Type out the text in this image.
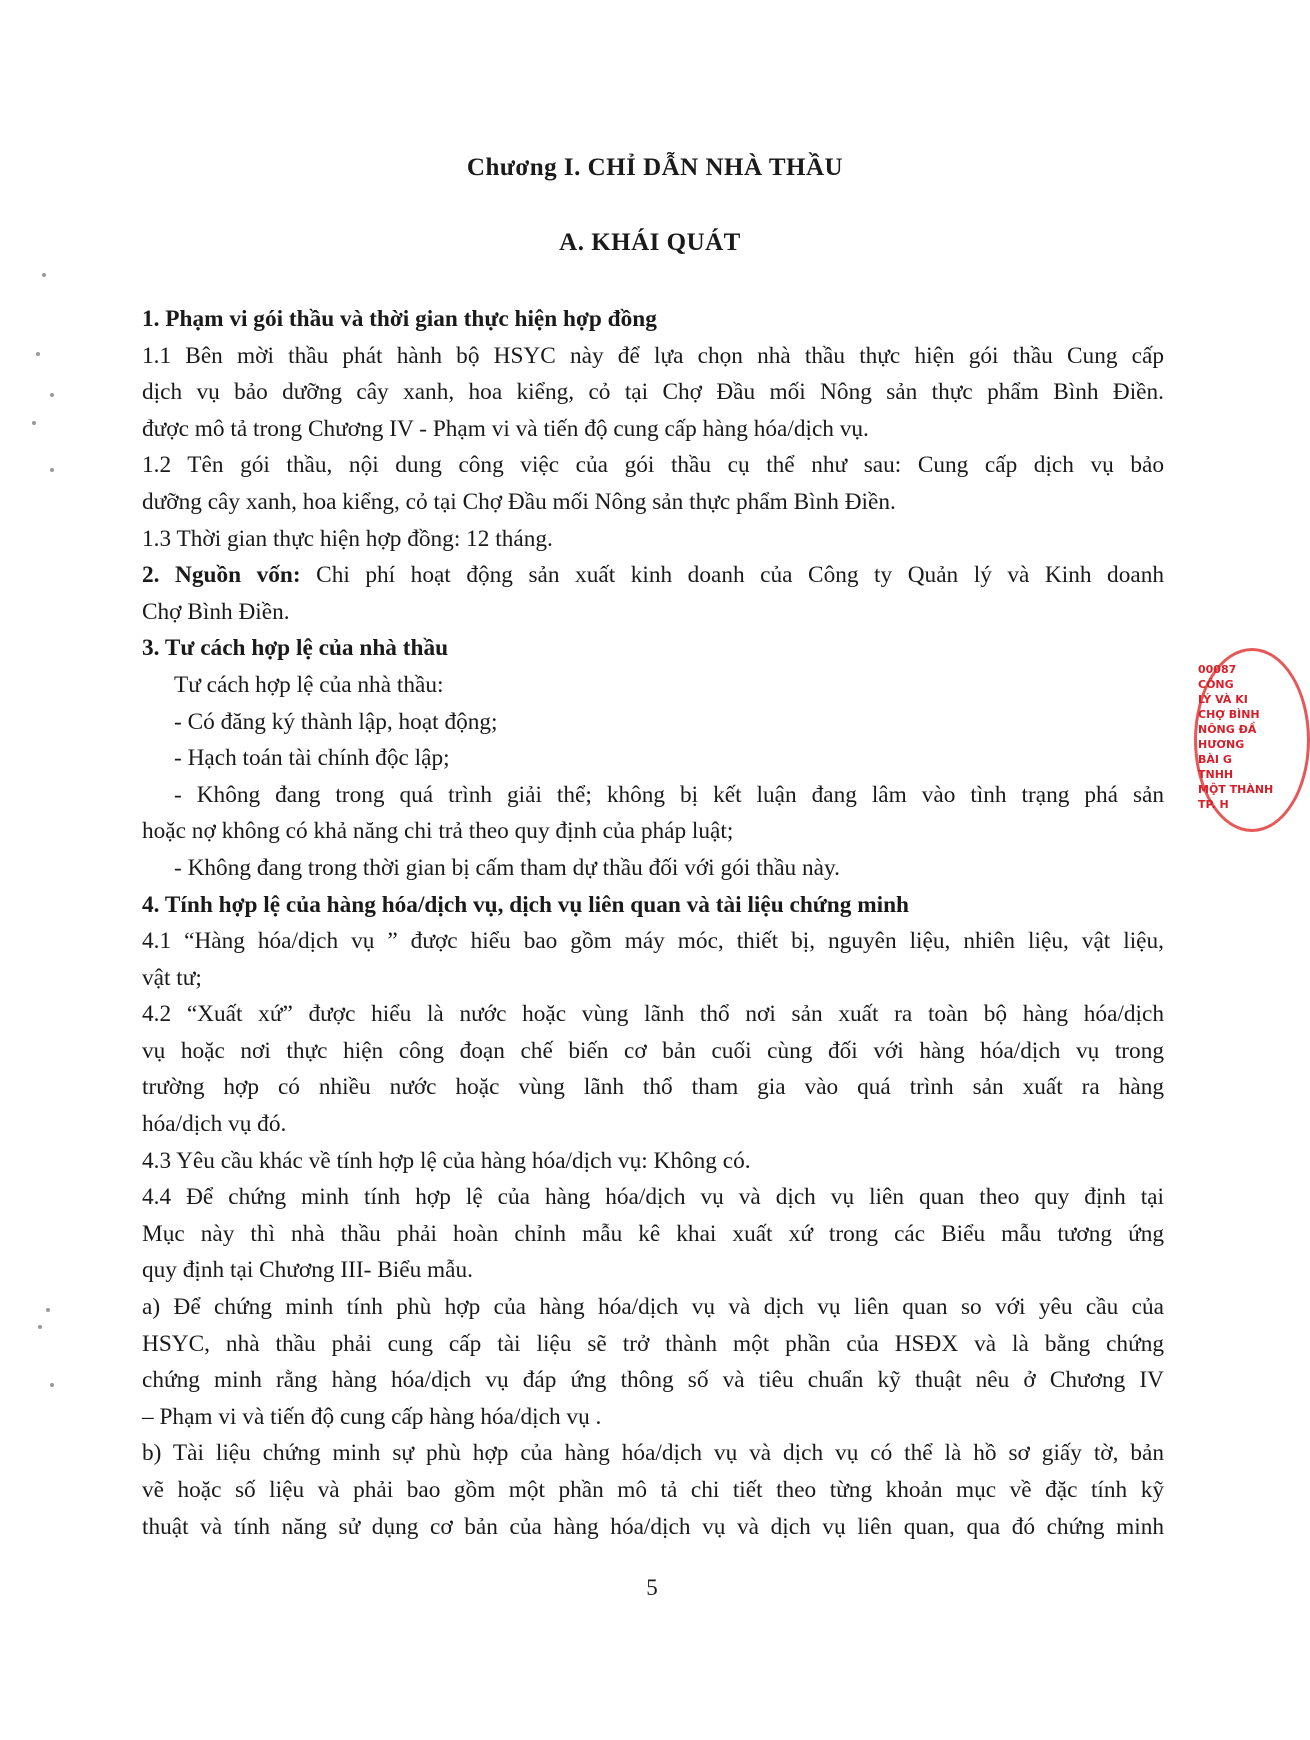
Chương I. CHỈ DẪN NHÀ THẦU
A. KHÁI QUÁT
1. Phạm vi gói thầu và thời gian thực hiện hợp đồng
1.1 Bên mời thầu phát hành bộ HSYC này để lựa chọn nhà thầu thực hiện gói thầu Cung cấp
dịch vụ bảo dưỡng cây xanh, hoa kiểng, cỏ tại Chợ Đầu mối Nông sản thực phẩm Bình Điền.
được mô tả trong Chương IV - Phạm vi và tiến độ cung cấp hàng hóa/dịch vụ.
1.2 Tên gói thầu, nội dung công việc của gói thầu cụ thể như sau: Cung cấp dịch vụ bảo
dưỡng cây xanh, hoa kiểng, cỏ tại Chợ Đầu mối Nông sản thực phẩm Bình Điền.
1.3 Thời gian thực hiện hợp đồng: 12 tháng.
2. Nguồn vốn: Chi phí hoạt động sản xuất kinh doanh của Công ty Quản lý và Kinh doanh
Chợ Bình Điền.
3. Tư cách hợp lệ của nhà thầu
Tư cách hợp lệ của nhà thầu:
- Có đăng ký thành lập, hoạt động;
- Hạch toán tài chính độc lập;
- Không đang trong quá trình giải thể; không bị kết luận đang lâm vào tình trạng phá sản
hoặc nợ không có khả năng chi trả theo quy định của pháp luật;
- Không đang trong thời gian bị cấm tham dự thầu đối với gói thầu này.
4. Tính hợp lệ của hàng hóa/dịch vụ, dịch vụ liên quan và tài liệu chứng minh
4.1 “Hàng hóa/dịch vụ ” được hiểu bao gồm máy móc, thiết bị, nguyên liệu, nhiên liệu, vật liệu,
vật tư;
4.2 “Xuất xứ” được hiểu là nước hoặc vùng lãnh thổ nơi sản xuất ra toàn bộ hàng hóa/dịch
vụ hoặc nơi thực hiện công đoạn chế biến cơ bản cuối cùng đối với hàng hóa/dịch vụ trong
trường hợp có nhiều nước hoặc vùng lãnh thổ tham gia vào quá trình sản xuất ra hàng
hóa/dịch vụ đó.
4.3 Yêu cầu khác về tính hợp lệ của hàng hóa/dịch vụ: Không có.
4.4 Để chứng minh tính hợp lệ của hàng hóa/dịch vụ và dịch vụ liên quan theo quy định tại
Mục này thì nhà thầu phải hoàn chỉnh mẫu kê khai xuất xứ trong các Biểu mẫu tương ứng
quy định tại Chương III- Biểu mẫu.
a) Để chứng minh tính phù hợp của hàng hóa/dịch vụ và dịch vụ liên quan so với yêu cầu của
HSYC, nhà thầu phải cung cấp tài liệu sẽ trở thành một phần của HSĐX và là bằng chứng
chứng minh rằng hàng hóa/dịch vụ đáp ứng thông số và tiêu chuẩn kỹ thuật nêu ở Chương IV
– Phạm vi và tiến độ cung cấp hàng hóa/dịch vụ .
b) Tài liệu chứng minh sự phù hợp của hàng hóa/dịch vụ và dịch vụ có thể là hồ sơ giấy tờ, bản
vẽ hoặc số liệu và phải bao gồm một phần mô tả chi tiết theo từng khoản mục về đặc tính kỹ
thuật và tính năng sử dụng cơ bản của hàng hóa/dịch vụ và dịch vụ liên quan, qua đó chứng minh
5
00087
CÔNG
LÝ VÀ KI
CHỢ BÌNH
NÔNG ĐẦ
HƯƠNG
BÀI G
TNHH
MỘT THÀNH
TP. H
